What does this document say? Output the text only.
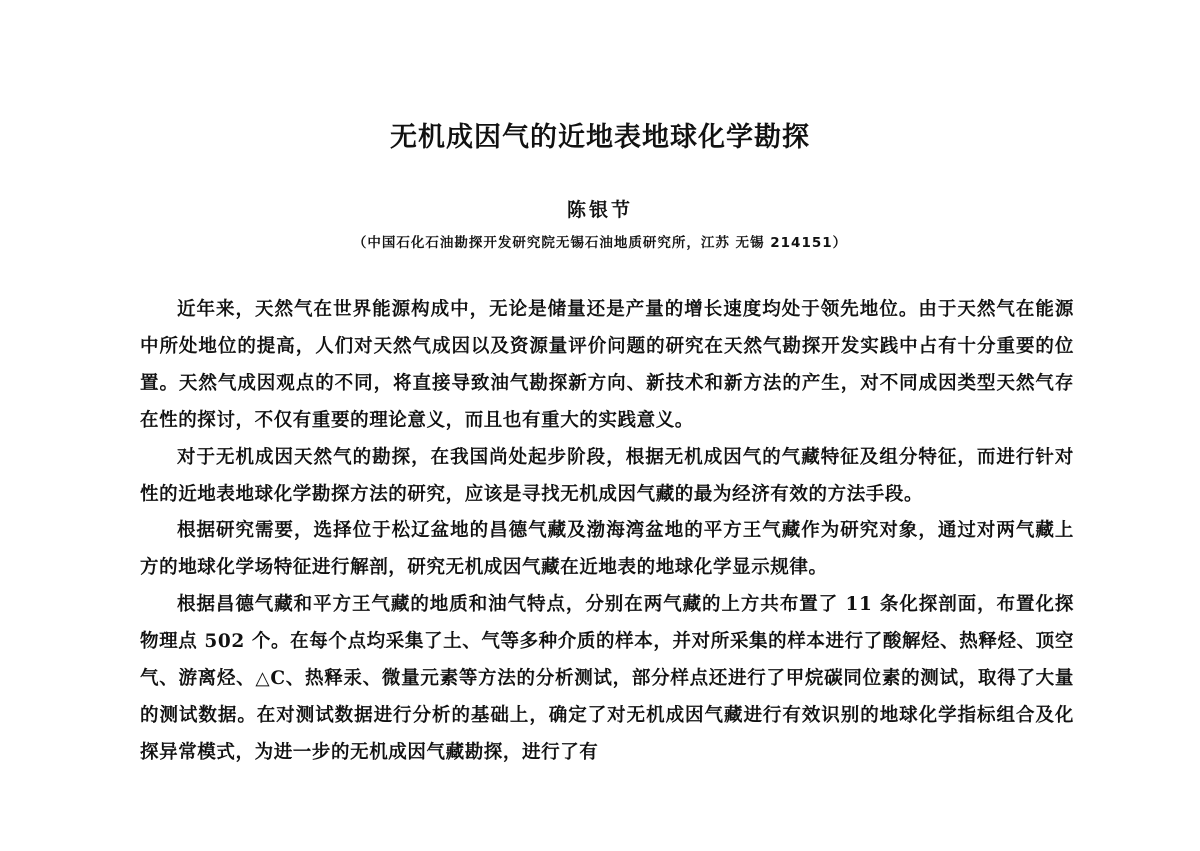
无机成因气的近地表地球化学勘探
陈银节
（中国石化石油勘探开发研究院无锡石油地质研究所，江苏 无锡 214151）

近年来，天然气在世界能源构成中，无论是储量还是产量的增长速度均处于领先地位。由于天然气在能源中所处地位的提高，人们对天然气成因以及资源量评价问题的研究在天然气勘探开发实践中占有十分重要的位置。天然气成因观点的不同，将直接导致油气勘探新方向、新技术和新方法的产生，对不同成因类型天然气存在性的探讨，不仅有重要的理论意义，而且也有重大的实践意义。

对于无机成因天然气的勘探，在我国尚处起步阶段，根据无机成因气的气藏特征及组分特征，而进行针对性的近地表地球化学勘探方法的研究，应该是寻找无机成因气藏的最为经济有效的方法手段。

根据研究需要，选择位于松辽盆地的昌德气藏及渤海湾盆地的平方王气藏作为研究对象，通过对两气藏上方的地球化学场特征进行解剖，研究无机成因气藏在近地表的地球化学显示规律。

根据昌德气藏和平方王气藏的地质和油气特点，分别在两气藏的上方共布置了 11 条化探剖面，布置化探物理点 502 个。在每个点均采集了土、气等多种介质的样本，并对所采集的样本进行了酸解烃、热释烃、顶空气、游离烃、△C、热释汞、微量元素等方法的分析测试，部分样点还进行了甲烷碳同位素的测试，取得了大量的测试数据。在对测试数据进行分析的基础上，确定了对无机成因气藏进行有效识别的地球化学指标组合及化探异常模式，为进一步的无机成因气藏勘探，进行了有
